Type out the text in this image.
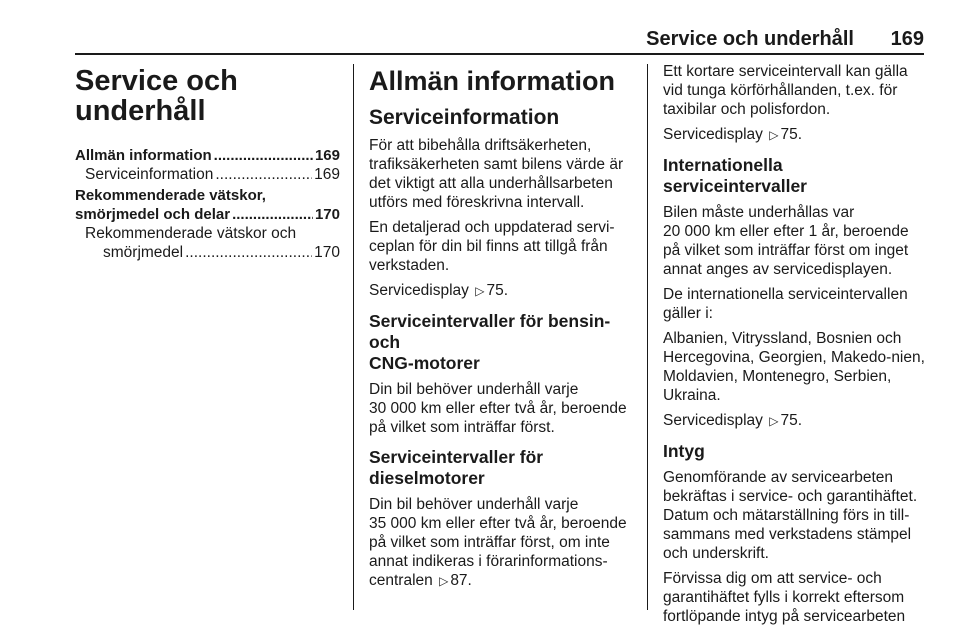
Service och underhåll 169
Service och
underhåll
Allmän information .....	169
Serviceinformation .....	169
Rekommenderade vätskor,
smörjmedel och delar .....	170
Rekommenderade vätskor och
smörjmedel .....	170
Allmän information
Serviceinformation

För att bibehålla driftsäkerheten, trafiksäkerheten samt bilens värde är det viktigt att alla underhållsarbeten utförs med föreskrivna intervall.

En detaljerad och uppdaterad servi-ceplan för din bil finns att tillgå från verkstaden.

Servicedisplay ▷ 75.

Serviceintervaller för bensin- och
CNG-motorer

Din bil behöver underhåll varje
30 000 km eller efter två år, beroende
på vilket som inträffar först.

Serviceintervaller för
dieselmotorer

Din bil behöver underhåll varje
35 000 km eller efter två år, beroende
på vilket som inträffar först, om inte
annat indikeras i förarinformations-
centralen ▷ 87.

Ett kortare serviceintervall kan gälla vid tunga körförhållanden, t.ex. för taxibilar och polisfordon.

Servicedisplay ▷ 75.

Internationella serviceintervaller

Bilen måste underhållas var
20 000 km eller efter 1 år, beroende
på vilket som inträffar först om inget
annat anges av servicedisplayen.

De internationella serviceintervallen gäller i:

Albanien, Vitryssland, Bosnien och Hercegovina, Georgien, Makedo-nien, Moldavien, Montenegro, Serbien, Ukraina.

Servicedisplay ▷ 75.

Intyg

Genomförande av servicearbeten bekräftas i service- och garantihäftet. Datum och mätarställning förs in till-sammans med verkstadens stämpel och underskrift.

Förvissa dig om att service- och garantihäftet fylls i korrekt eftersom fortlöpande intyg på servicearbeten
